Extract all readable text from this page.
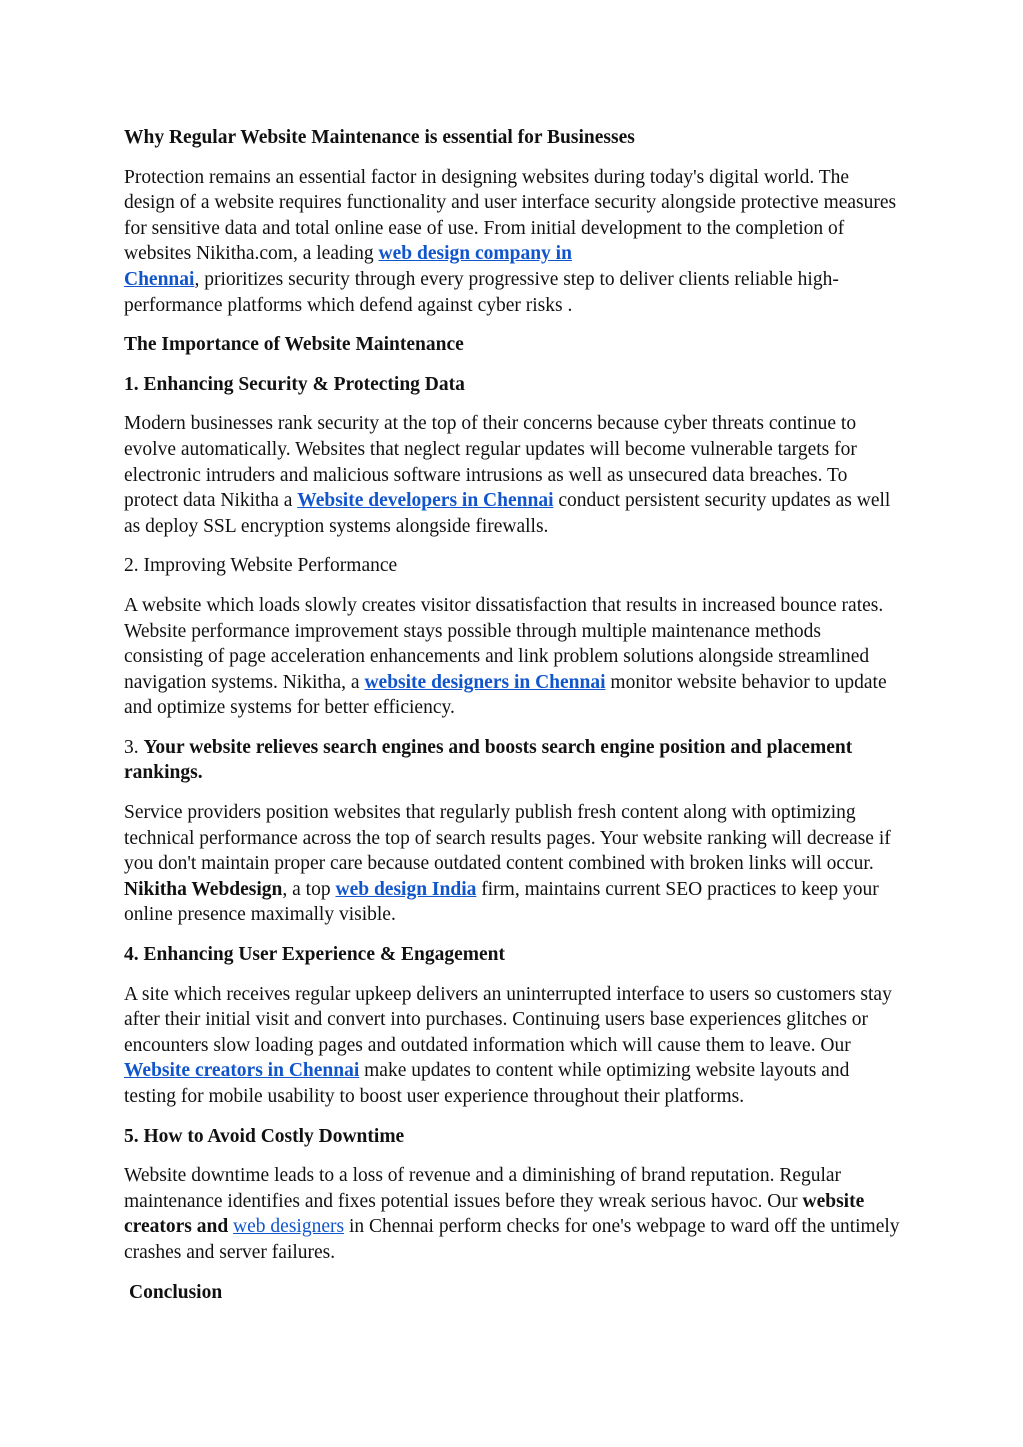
Why Regular Website Maintenance is essential for Businesses

Protection remains an essential factor in designing websites during today's digital world. The design of a website requires functionality and user interface security alongside protective measures for sensitive data and total online ease of use. From initial development to the completion of websites Nikitha.com, a leading web design company in
Chennai, prioritizes security through every progressive step to deliver clients reliable high-performance platforms which defend against cyber risks .

The Importance of Website Maintenance

1. Enhancing Security & Protecting Data

Modern businesses rank security at the top of their concerns because cyber threats continue to evolve automatically. Websites that neglect regular updates will become vulnerable targets for electronic intruders and malicious software intrusions as well as unsecured data breaches. To protect data Nikitha a Website developers in Chennai conduct persistent security updates as well as deploy SSL encryption systems alongside firewalls.

2. Improving Website Performance

A website which loads slowly creates visitor dissatisfaction that results in increased bounce rates. Website performance improvement stays possible through multiple maintenance methods consisting of page acceleration enhancements and link problem solutions alongside streamlined navigation systems. Nikitha, a website designers in Chennai monitor website behavior to update and optimize systems for better efficiency.

3. Your website relieves search engines and boosts search engine position and placement rankings.

Service providers position websites that regularly publish fresh content along with optimizing technical performance across the top of search results pages. Your website ranking will decrease if you don't maintain proper care because outdated content combined with broken links will occur. Nikitha Webdesign, a top web design India firm, maintains current SEO practices to keep your online presence maximally visible.

4. Enhancing User Experience & Engagement

A site which receives regular upkeep delivers an uninterrupted interface to users so customers stay after their initial visit and convert into purchases. Continuing users base experiences glitches or encounters slow loading pages and outdated information which will cause them to leave. Our Website creators in Chennai make updates to content while optimizing website layouts and testing for mobile usability to boost user experience throughout their platforms.

5. How to Avoid Costly Downtime

Website downtime leads to a loss of revenue and a diminishing of brand reputation. Regular maintenance identifies and fixes potential issues before they wreak serious havoc. Our website creators and web designers in Chennai perform checks for one's webpage to ward off the untimely crashes and server failures.

Conclusion
